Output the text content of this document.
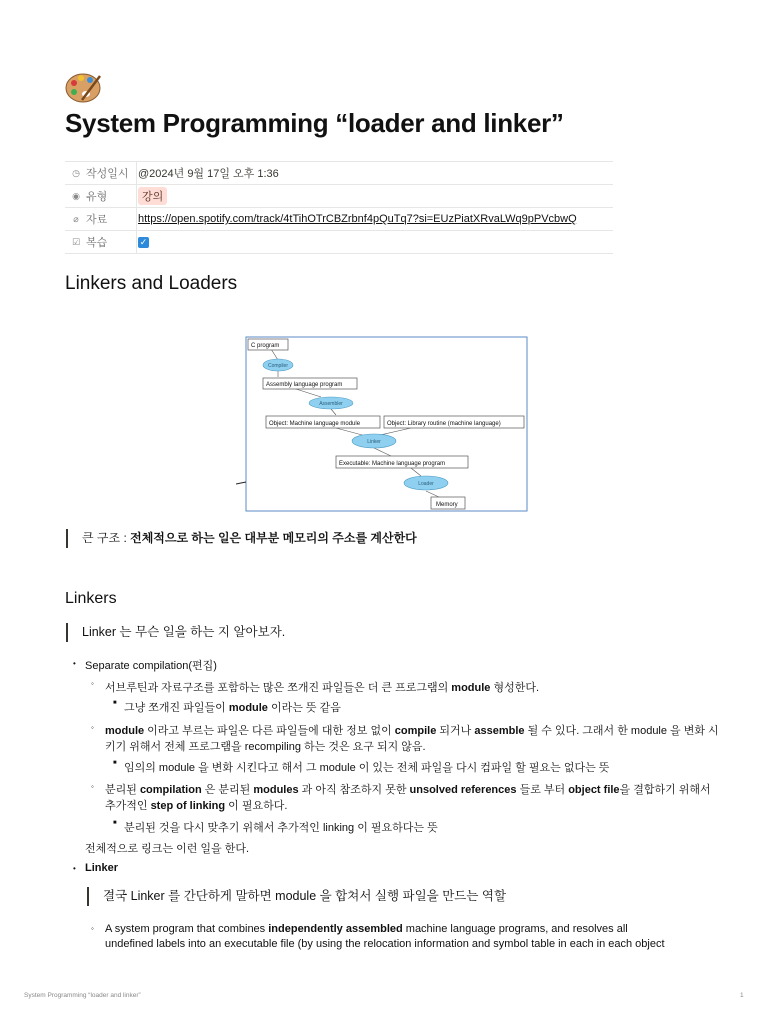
System Programming “loader and linker”
◷ 작성일시 @2024년 9월 17일 오후 1:36
◉ 유형	강의
⌀ 자료	https://open.spotify.com/track/4tTihOTrCBZrbnf4pQuTq7?si=EUzPiatXRvaLWq9pPVcbwQ
☑ 복습	✓
Linkers and Loaders
C program
Compiler
Assembly language program
Assembler
Object: Machine language module	Object: Library routine (machine language)
Linker
Executable: Machine language program
Loader
Memory
큰 구조 : 전체적으로 하는 일은 대부분 메모리의 주소를 계산한다
Linkers
Linker 는 무슨 일을 하는 지 알아보자.
• Separate compilation(편집)
◦ 서브루틴과 자료구조를 포함하는 많은 쪼개진 파일들은 더 큰 프로그램의 module 형성한다.
■ 그냥 쪼개진 파일들이 module 이라는 뜻 같음
◦ module 이라고 부르는 파일은 다른 파일들에 대한 정보 없이 compile 되거나 assemble 될 수 있다. 그래서 한 module 을 변화 시
키기 위해서 전체 프로그램을 recompiling 하는 것은 요구 되지 않음.
■ 임의의 module 을 변화 시킨다고 해서 그 module 이 있는 전체 파일을 다시 컴파일 할 필요는 없다는 뜻
◦ 분리된 compilation 은 분리된 modules 과 아직 참조하지 못한 unsolved references 들로 부터 object file을 결합하기 위해서
추가적인 step of linking 이 필요하다.
■ 분리된 것을 다시 맞추기 위해서 추가적인 linking 이 필요하다는 뜻
전체적으로 링크는 이런 일을 한다.
• Linker
결국 Linker 를 간단하게 말하면 module 을 합쳐서 실행 파일을 만드는 역할
◦ A system program that combines independently assembled machine language programs, and resolves all
undefined labels into an executable file (by using the relocation information and symbol table in each in each object
System Programming “loader and linker”	1
